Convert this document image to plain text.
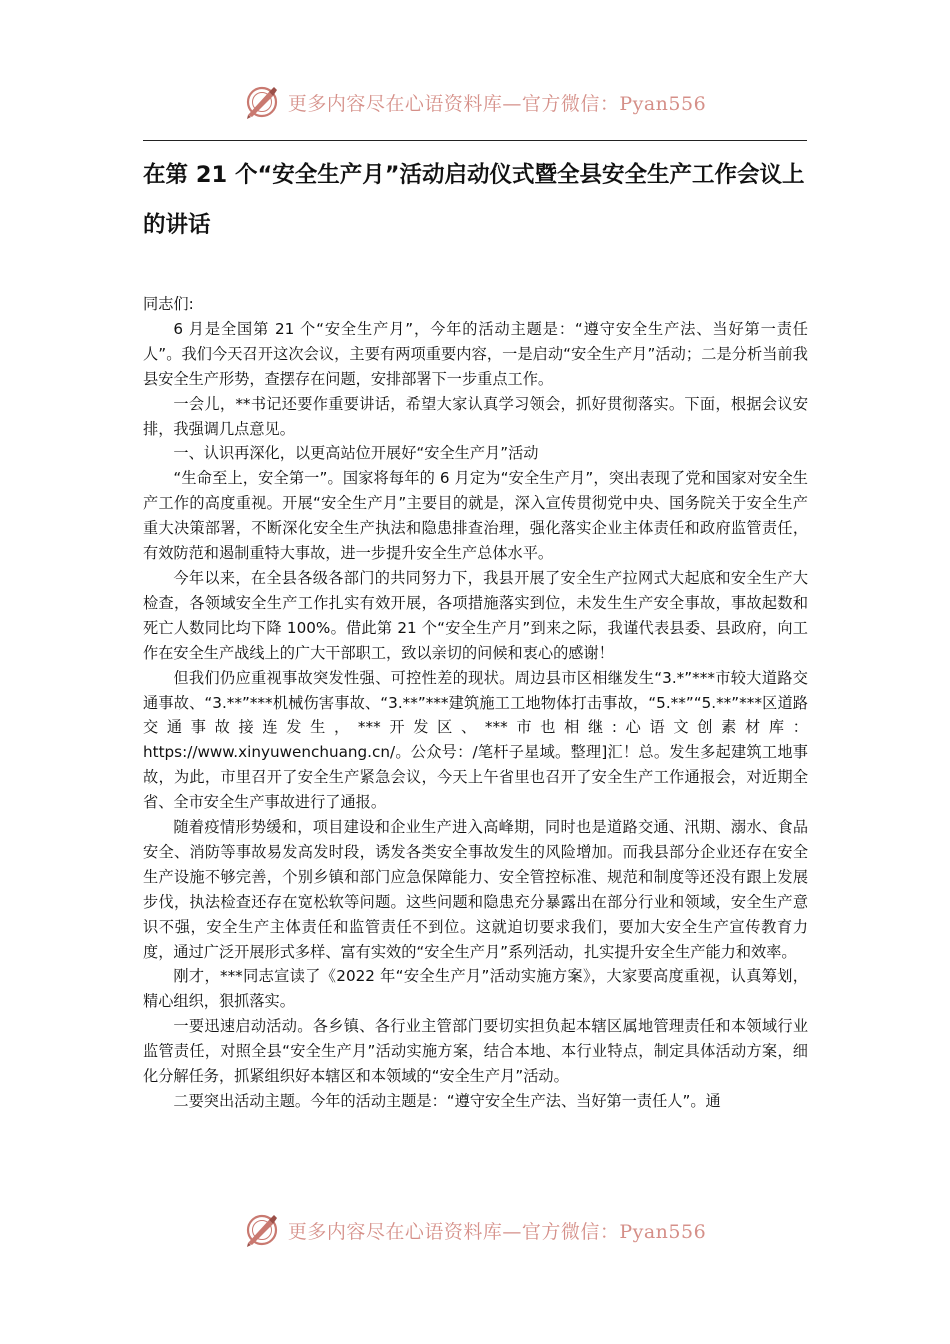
更多内容尽在心语资料库—官方微信：Pyan556
在第 21 个“安全生产月”活动启动仪式暨全县安全生产工作会议上的讲话

同志们:

6 月是全国第 21 个“安全生产月”，今年的活动主题是：“遵守安全生产法、当好第一责任人”。我们今天召开这次会议，主要有两项重要内容，一是启动“安全生产月”活动；二是分析当前我县安全生产形势，查摆存在问题，安排部署下一步重点工作。

一会儿，**书记还要作重要讲话，希望大家认真学习领会，抓好贯彻落实。下面，根据会议安排，我强调几点意见。

一、认识再深化，以更高站位开展好“安全生产月”活动

“生命至上，安全第一”。国家将每年的 6 月定为“安全生产月”，突出表现了党和国家对安全生产工作的高度重视。开展“安全生产月”主要目的就是，深入宣传贯彻党中央、国务院关于安全生产重大决策部署，不断深化安全生产执法和隐患排查治理，强化落实企业主体责任和政府监管责任，有效防范和遏制重特大事故，进一步提升安全生产总体水平。

今年以来，在全县各级各部门的共同努力下，我县开展了安全生产拉网式大起底和安全生产大检查，各领域安全生产工作扎实有效开展，各项措施落实到位，未发生生产安全事故，事故起数和死亡人数同比均下降 100%。借此第 21 个“安全生产月”到来之际，我谨代表县委、县政府，向工作在安全生产战线上的广大干部职工，致以亲切的问候和衷心的感谢！

但我们仍应重视事故突发性强、可控性差的现状。周边县市区相继发生“3.*”***市较大道路交通事故、“3.**”***机械伤害事故、“3.**”***建筑施工工地物体打击事故，“5.**”“5.**”***区道路交通事故接连发生，***开发区、***市也相继:心语文创素材库：https://www.xinyuwenchuang.cn/。公众号：/笔杆子星域。整理]汇！总。发生多起建筑工地事故，为此，市里召开了安全生产紧急会议，今天上午省里也召开了安全生产工作通报会，对近期全省、全市安全生产事故进行了通报。

随着疫情形势缓和，项目建设和企业生产进入高峰期，同时也是道路交通、汛期、溺水、食品安全、消防等事故易发高发时段，诱发各类安全事故发生的风险增加。而我县部分企业还存在安全生产设施不够完善，个别乡镇和部门应急保障能力、安全管控标准、规范和制度等还没有跟上发展步伐，执法检查还存在宽松软等问题。这些问题和隐患充分暴露出在部分行业和领域，安全生产意识不强，安全生产主体责任和监管责任不到位。这就迫切要求我们，要加大安全生产宣传教育力度，通过广泛开展形式多样、富有实效的“安全生产月”系列活动，扎实提升安全生产能力和效率。

刚才，***同志宣读了《2022 年“安全生产月”活动实施方案》，大家要高度重视，认真筹划，精心组织，狠抓落实。

一要迅速启动活动。各乡镇、各行业主管部门要切实担负起本辖区属地管理责任和本领域行业监管责任，对照全县“安全生产月”活动实施方案，结合本地、本行业特点，制定具体活动方案，细化分解任务，抓紧组织好本辖区和本领域的“安全生产月”活动。

二要突出活动主题。今年的活动主题是：“遵守安全生产法、当好第一责任人”。通

更多内容尽在心语资料库—官方微信：Pyan556
